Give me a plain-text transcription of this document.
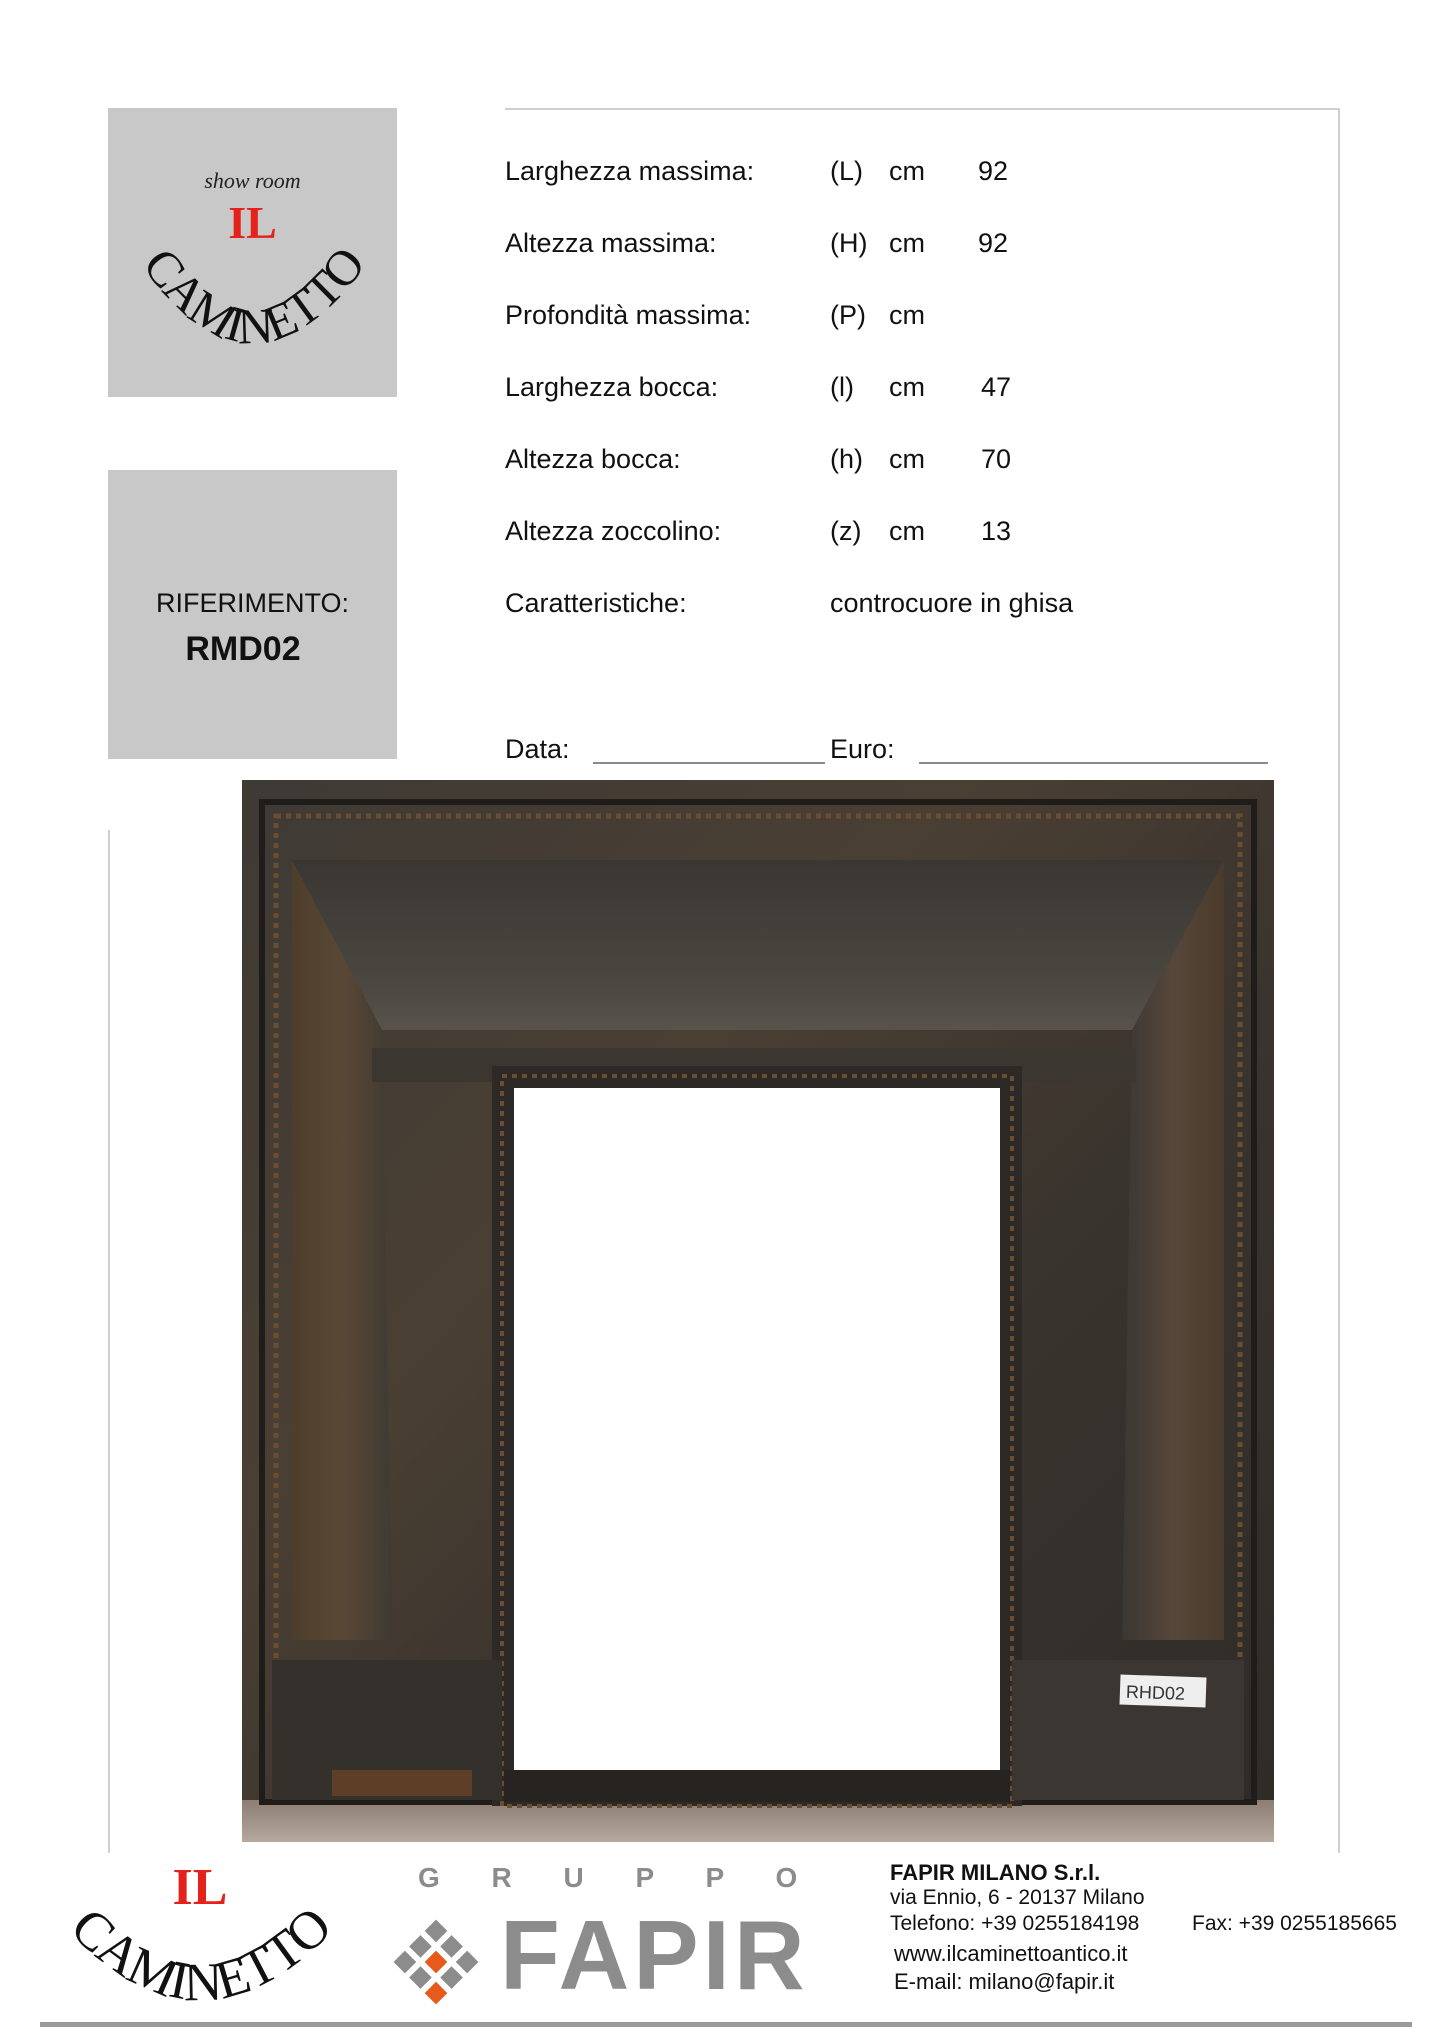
show room
IL
CAMINETTO
RIFERIMENTO:
RMD02
Larghezza massima:	(L) cm 92
Altezza massima:	(H) cm 92
Profondità massima:	(P) cm
Larghezza bocca:	(l) cm 47
Altezza bocca:	(h) cm 70
Altezza zoccolino:	(z) cm 13
Caratteristiche:	controcuore in ghisa
Data:	Euro:
RHD02
IL
CAMINETTO
G R U P P O
FAPIR
FAPIR MILANO S.r.l.
via Ennio, 6 - 20137 Milano
Telefono: +39 0255184198	Fax: +39 0255185665
www.ilcaminettoantico.it
E-mail: milano@fapir.it
